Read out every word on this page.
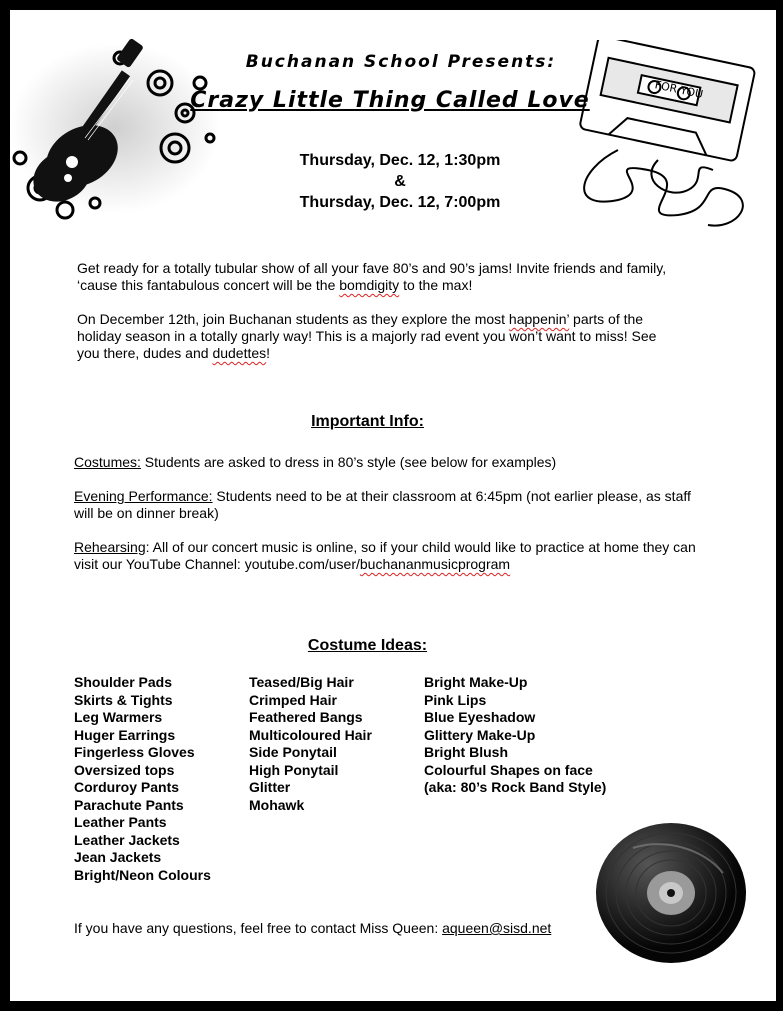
FOR YOU
Buchanan School Presents:
Crazy Little Thing Called Love
Thursday, Dec. 12, 1:30pm
&
Thursday, Dec. 12, 7:00pm
Get ready for a totally tubular show of all your fave 80’s and 90’s jams! Invite friends and family, ‘cause this fantabulous concert will be the bomdigity to the max!
On December 12th, join Buchanan students as they explore the most happenin’ parts of the holiday season in a totally gnarly way! This is a majorly rad event you won’t want to miss! See you there, dudes and dudettes!
Important Info:
Costumes: Students are asked to dress in 80’s style (see below for examples)
Evening Performance: Students need to be at their classroom at 6:45pm (not earlier please, as staff will be on dinner break)
Rehearsing: All of our concert music is online, so if your child would like to practice at home they can visit our YouTube Channel: youtube.com/user/buchananmusicprogram
Costume Ideas:
Shoulder Pads
Skirts & Tights
Leg Warmers
Huger Earrings
Fingerless Gloves
Oversized tops
Corduroy Pants
Parachute Pants
Leather Pants
Leather Jackets
Jean Jackets
Bright/Neon Colours
Teased/Big Hair
Crimped Hair
Feathered Bangs
Multicoloured Hair
Side Ponytail
High Ponytail
Glitter
Mohawk
Bright Make-Up
Pink Lips
Blue Eyeshadow
Glittery Make-Up
Bright Blush
Colourful Shapes on face
(aka: 80’s Rock Band Style)
If you have any questions, feel free to contact Miss Queen: aqueen@sisd.net
